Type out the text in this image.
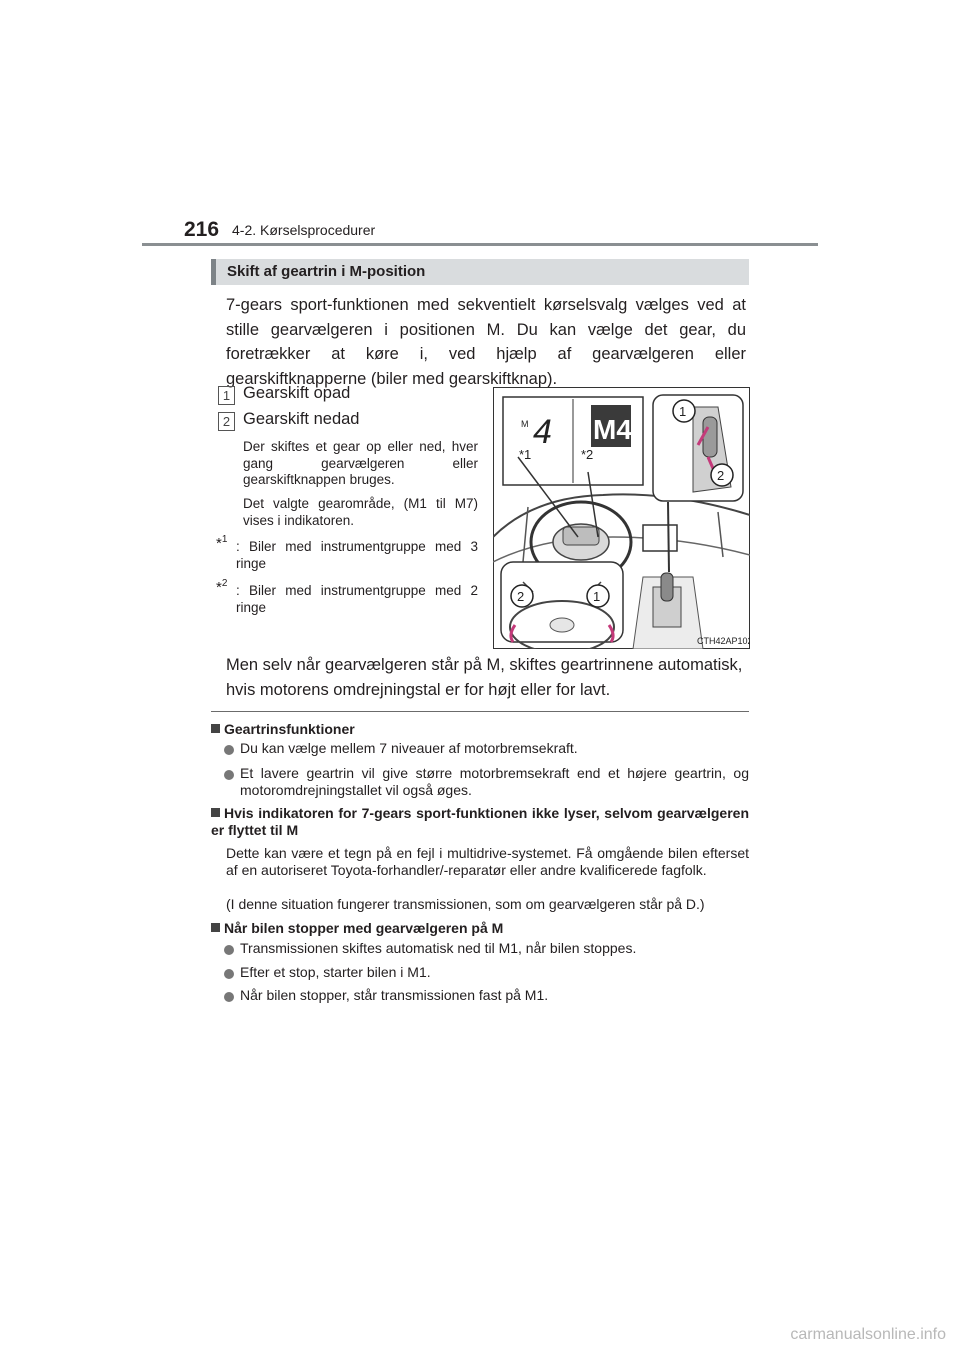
216 4-2. Kørselsprocedurer
Skift af geartrin i M-position
7-gears sport-funktionen med sekventielt kørselsvalg vælges ved at stille gearvælgeren i positionen M. Du kan vælge det gear, du foretrækker at køre i, ved hjælp af gearvælgeren eller gearskiftknapperne (biler med gearskiftknap).
1 Gearskift opad
2 Gearskift nedad
Der skiftes et gear op eller ned, hver gang gearvælgeren eller gearskiftknappen bruges.
Det valgte gearområde, (M1 til M7) vises i indikatoren.
*$^1$ : Biler med instrumentgruppe med 3 ringe
*$^2$ : Biler med instrumentgruppe med 2 ringe
M 4 M4
*1	*2
1
2
2	1
CTH42AP102
Men selv når gearvælgeren står på M, skiftes geartrinnene automatisk, hvis motorens omdrejningstal er for højt eller for lavt.
Geartrinsfunktioner
Du kan vælge mellem 7 niveauer af motorbremsekraft.
Et lavere geartrin vil give større motorbremsekraft end et højere geartrin, og motoromdrejningstallet vil også øges.
Hvis indikatoren for 7-gears sport-funktionen ikke lyser, selvom gearvælgeren er flyttet til M
Dette kan være et tegn på en fejl i multidrive-systemet. Få omgående bilen efterset af en autoriseret Toyota-forhandler/-reparatør eller andre kvalificerede fagfolk.
(I denne situation fungerer transmissionen, som om gearvælgeren står på D.)
Når bilen stopper med gearvælgeren på M
Transmissionen skiftes automatisk ned til M1, når bilen stoppes.
Efter et stop, starter bilen i M1.
Når bilen stopper, står transmissionen fast på M1.
carmanualsonline.info
